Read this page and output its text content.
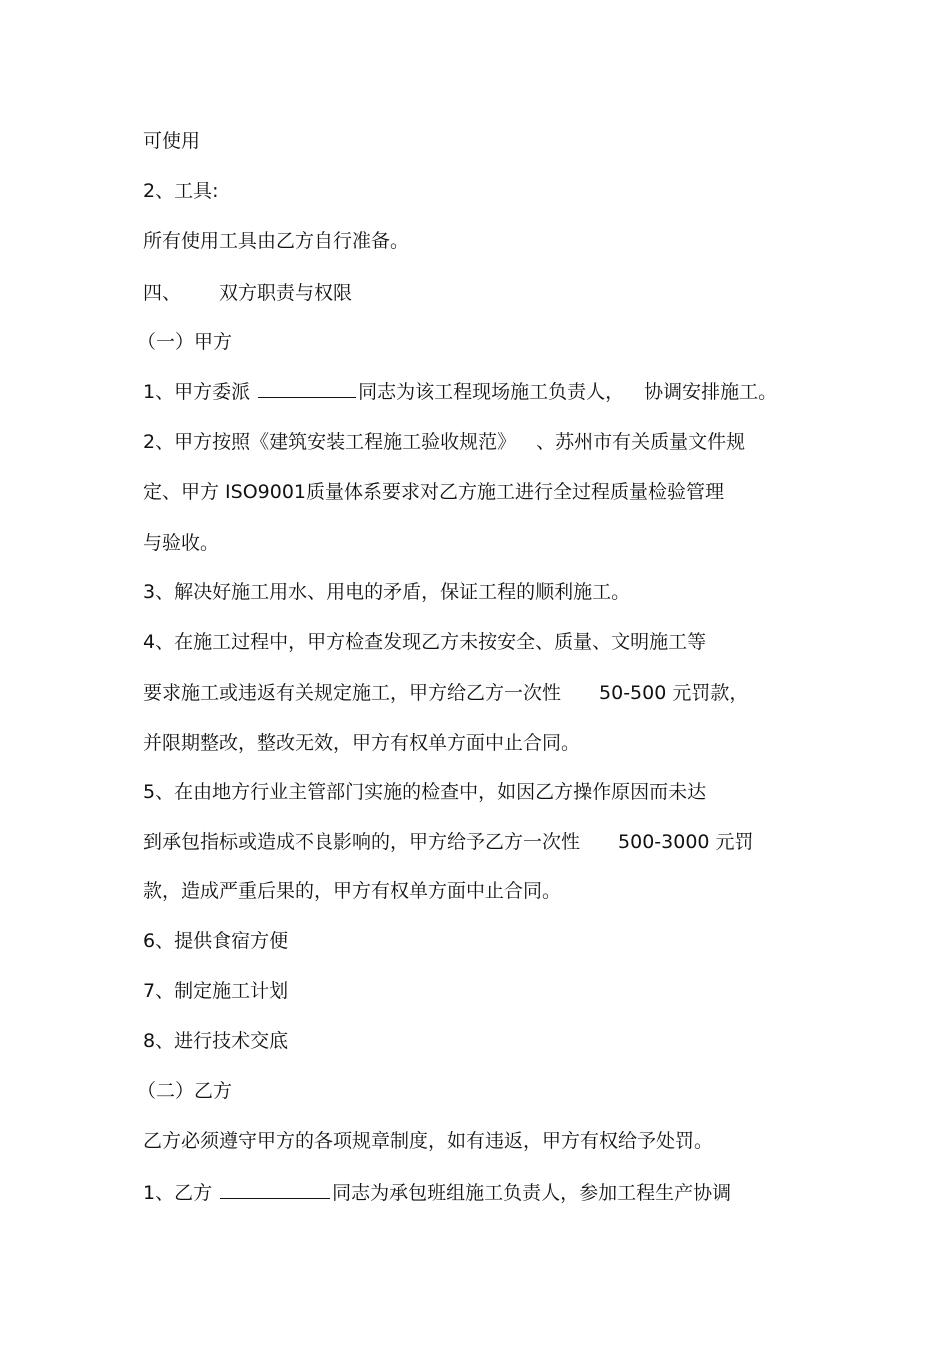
可使用
2、工具:
所有使用工具由乙方自行准备。
四、 双方职责与权限
（一）甲方
1、甲方委派	同志为该工程现场施工负责人， 协调安排施工。
2、甲方按照《建筑安装工程施工验收规范》 、苏州市有关质量文件规
定、甲方 ISO9001质量体系要求对乙方施工进行全过程质量检验管理
与验收。
3、解决好施工用水、用电的矛盾，保证工程的顺利施工。
4、在施工过程中，甲方检查发现乙方未按安全、质量、文明施工等
要求施工或违返有关规定施工，甲方给乙方一次性 50-500 元罚款，
并限期整改，整改无效，甲方有权单方面中止合同。
5、在由地方行业主管部门实施的检查中，如因乙方操作原因而未达
到承包指标或造成不良影响的，甲方给予乙方一次性 500-3000 元罚
款，造成严重后果的，甲方有权单方面中止合同。
6、提供食宿方便
7、制定施工计划
8、进行技术交底
（二）乙方
乙方必须遵守甲方的各项规章制度，如有违返，甲方有权给予处罚。
1、乙方	同志为承包班组施工负责人，参加工程生产协调
